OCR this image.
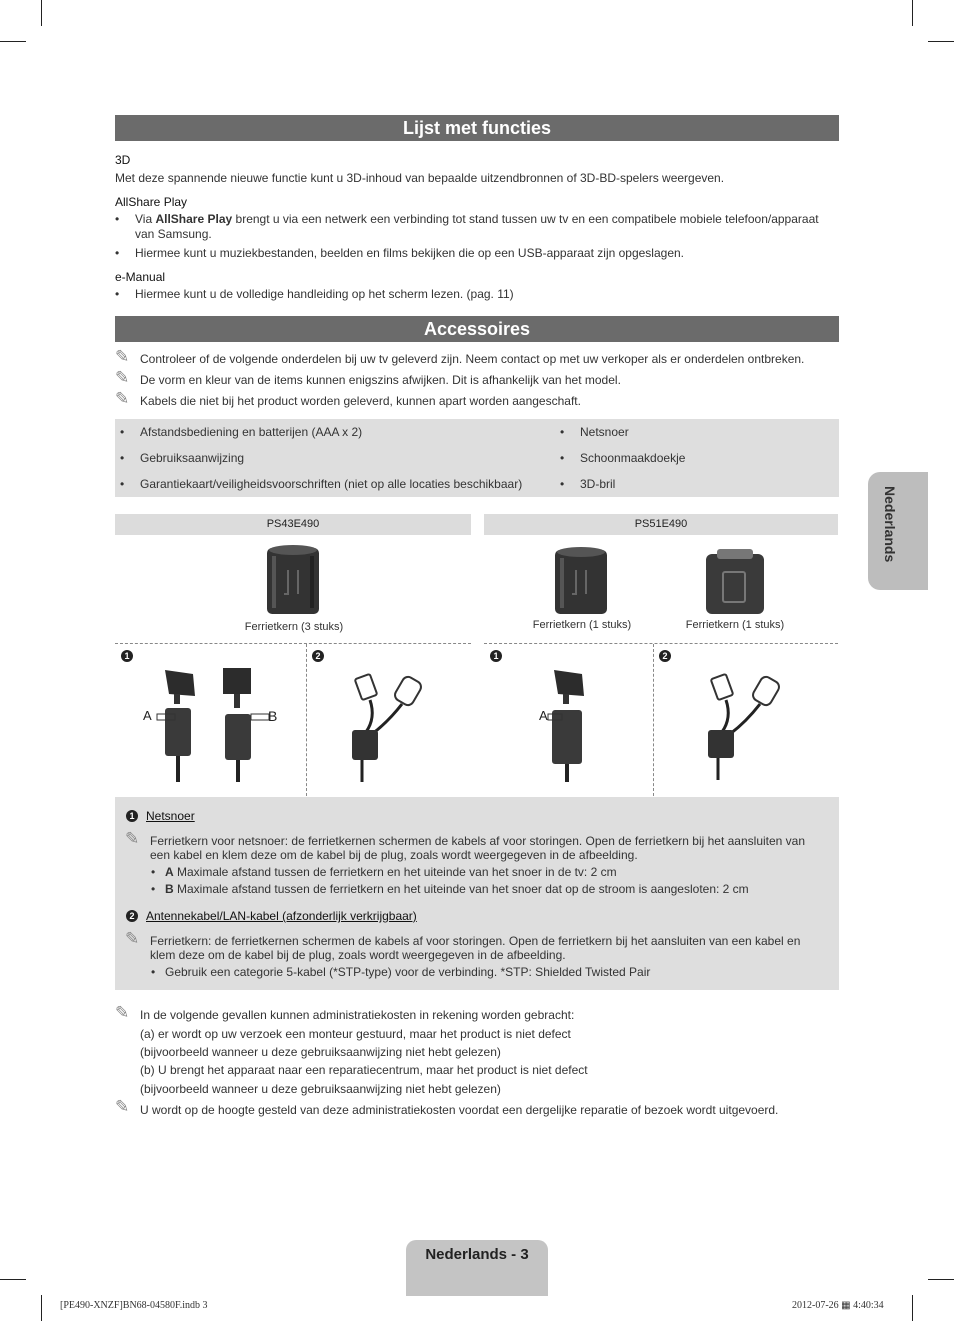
Lijst met functies
3D
Met deze spannende nieuwe functie kunt u 3D-inhoud van bepaalde uitzendbronnen of 3D-BD-spelers weergeven.
AllShare Play
• Via AllShare Play brengt u via een netwerk een verbinding tot stand tussen uw tv en een compatibele mobiele telefoon/apparaat
van Samsung.
• Hiermee kunt u muziekbestanden, beelden en films bekijken die op een USB-apparaat zijn opgeslagen.
e-Manual
• Hiermee kunt u de volledige handleiding op het scherm lezen. (pag. 11)
Accessoires
✎ Controleer of de volgende onderdelen bij uw tv geleverd zijn. Neem contact op met uw verkoper als er onderdelen ontbreken.
✎ De vorm en kleur van de items kunnen enigszins afwijken. Dit is afhankelijk van het model.
✎ Kabels die niet bij het product worden geleverd, kunnen apart worden aangeschaft.
• Afstandsbediening en batterijen (AAA x 2)
• Gebruiksaanwijzing
• Garantiekaart/veiligheidsvoorschriften (niet op alle locaties beschikbaar)
• Netsnoer
• Schoonmaakdoekje
• 3D-bril
PS43E490	PS51E490
Ferrietkern (3 stuks)	Ferrietkern (1 stuks)	Ferrietkern (1 stuks)
1	2	1	2
A	B	A
1 Netsnoer
✎ Ferrietkern voor netsnoer: de ferrietkernen schermen de kabels af voor storingen. Open de ferrietkern bij het aansluiten van
een kabel en klem deze om de kabel bij de plug, zoals wordt weergegeven in de afbeelding.
• A Maximale afstand tussen de ferrietkern en het uiteinde van het snoer in de tv: 2 cm
• B Maximale afstand tussen de ferrietkern en het uiteinde van het snoer dat op de stroom is aangesloten: 2 cm
2 Antennekabel/LAN-kabel (afzonderlijk verkrijgbaar)
✎ Ferrietkern: de ferrietkernen schermen de kabels af voor storingen. Open de ferrietkern bij het aansluiten van een kabel en
klem deze om de kabel bij de plug, zoals wordt weergegeven in de afbeelding.
• Gebruik een categorie 5-kabel (*STP-type) voor de verbinding. *STP: Shielded Twisted Pair
✎ In de volgende gevallen kunnen administratiekosten in rekening worden gebracht:
(a) er wordt op uw verzoek een monteur gestuurd, maar het product is niet defect
(bijvoorbeeld wanneer u deze gebruiksaanwijzing niet hebt gelezen)
(b) U brengt het apparaat naar een reparatiecentrum, maar het product is niet defect
(bijvoorbeeld wanneer u deze gebruiksaanwijzing niet hebt gelezen)
✎ U wordt op de hoogte gesteld van deze administratiekosten voordat een dergelijke reparatie of bezoek wordt uitgevoerd.
Nederlands
Nederlands - 3
[PE490-XNZF]BN68-04580F.indb 3	2012-07-26 ▦ 4:40:34
